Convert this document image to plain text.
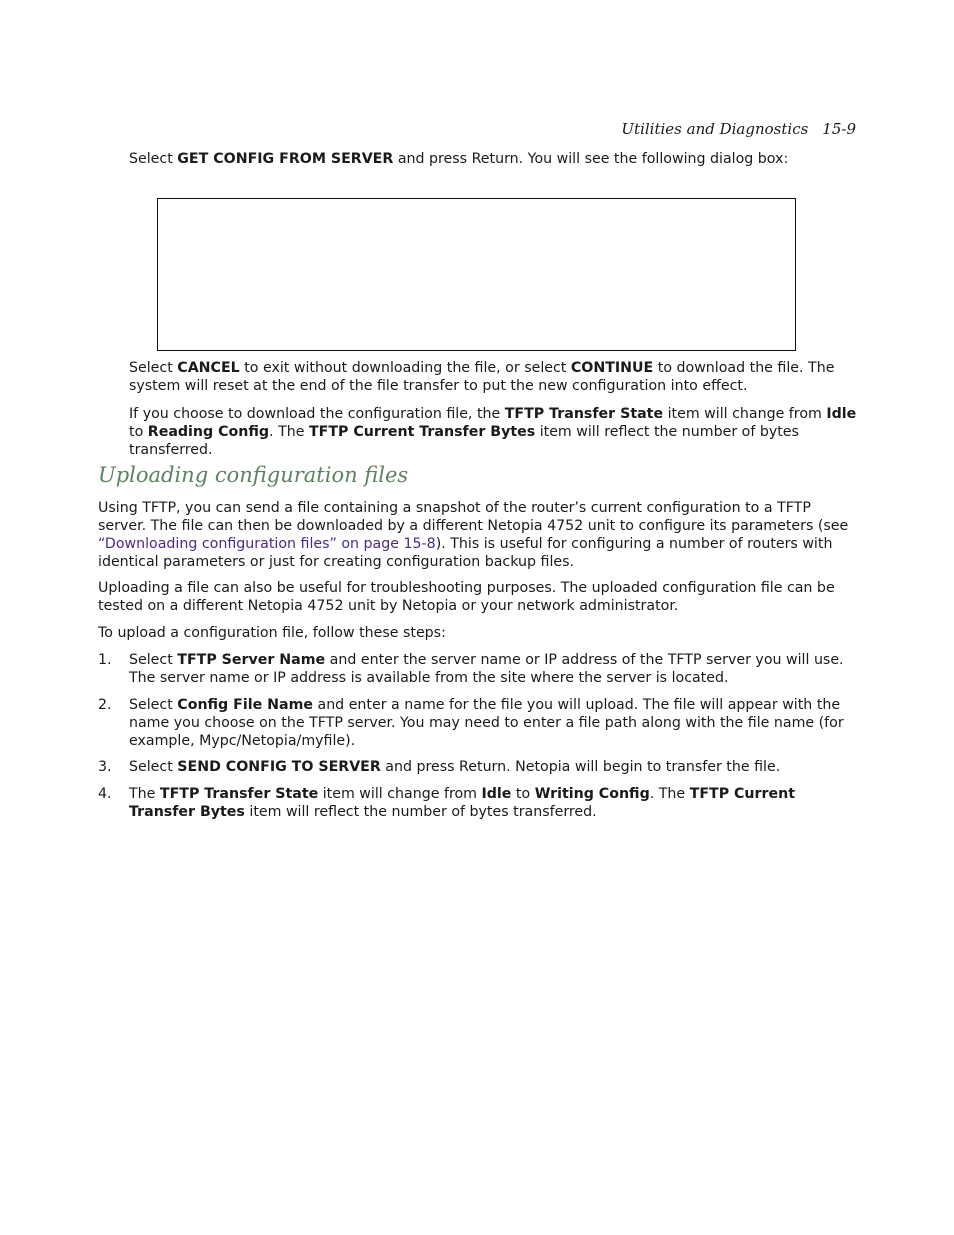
Utilities and Diagnostics 15-9

Select GET CONFIG FROM SERVER and press Return. You will see the following dialog box:

Select CANCEL to exit without downloading the file, or select CONTINUE to download the file. The system will reset at the end of the file transfer to put the new configuration into effect.

If you choose to download the configuration file, the TFTP Transfer State item will change from Idle to Reading Config. The TFTP Current Transfer Bytes item will reflect the number of bytes transferred.

Uploading configuration files

Using TFTP, you can send a file containing a snapshot of the router’s current configuration to a TFTP server. The file can then be downloaded by a different Netopia 4752 unit to configure its parameters (see “Downloading configuration files” on page 15-8). This is useful for configuring a number of routers with identical parameters or just for creating configuration backup files.

Uploading a file can also be useful for troubleshooting purposes. The uploaded configuration file can be tested on a different Netopia 4752 unit by Netopia or your network administrator.

To upload a configuration file, follow these steps:

1.	Select TFTP Server Name and enter the server name or IP address of the TFTP server you will use. The server name or IP address is available from the site where the server is located.
2.	Select Config File Name and enter a name for the file you will upload. The file will appear with the name you choose on the TFTP server. You may need to enter a file path along with the file name (for example, Mypc/Netopia/myfile).
3.	Select SEND CONFIG TO SERVER and press Return. Netopia will begin to transfer the file.
4.	The TFTP Transfer State item will change from Idle to Writing Config. The TFTP Current Transfer Bytes item will reflect the number of bytes transferred.
